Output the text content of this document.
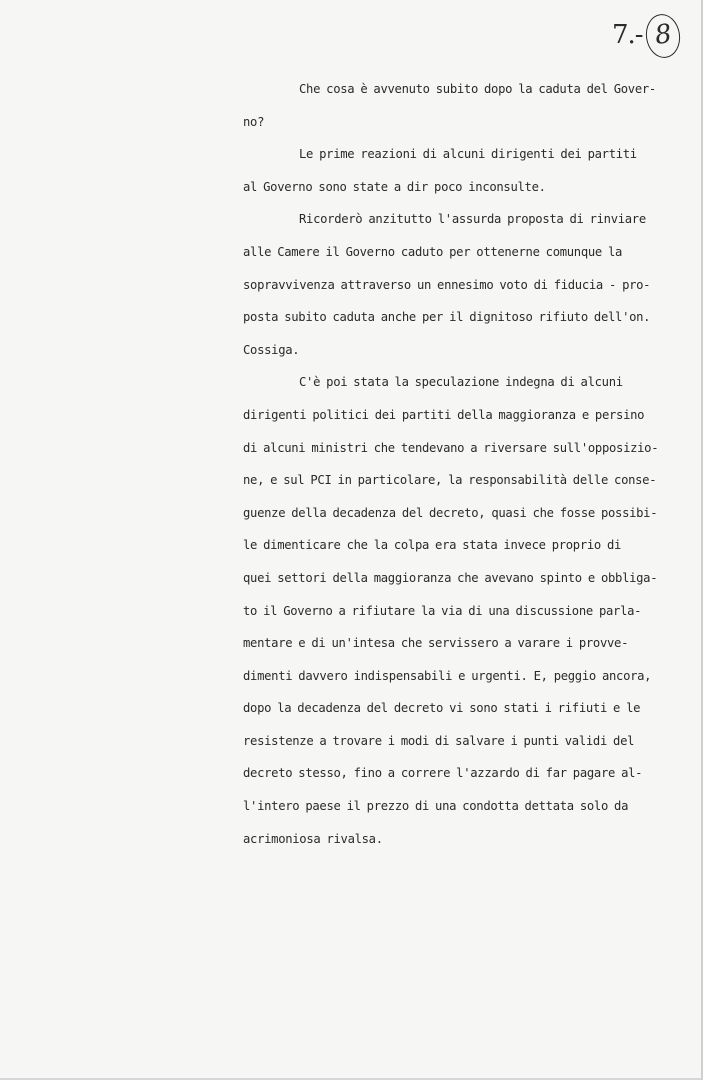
7.- 8
Che cosa è avvenuto subito dopo la caduta del Gover-
no?
Le prime reazioni di alcuni dirigenti dei partiti
al Governo sono state a dir poco inconsulte.
Ricorderò anzitutto l'assurda proposta di rinviare
alle Camere il Governo caduto per ottenerne comunque la
sopravvivenza attraverso un ennesimo voto di fiducia - pro-
posta subito caduta anche per il dignitoso rifiuto dell'on.
Cossiga.
C'è poi stata la speculazione indegna di alcuni
dirigenti politici dei partiti della maggioranza e persino
di alcuni ministri che tendevano a riversare sull'opposizio-
ne, e sul PCI in particolare, la responsabilità delle conse-
guenze della decadenza del decreto, quasi che fosse possibi-
le dimenticare che la colpa era stata invece proprio di
quei settori della maggioranza che avevano spinto e obbliga-
to il Governo a rifiutare la via di una discussione parla-
mentare e di un'intesa che servissero a varare i provve-
dimenti davvero indispensabili e urgenti. E, peggio ancora,
dopo la decadenza del decreto vi sono stati i rifiuti e le
resistenze a trovare i modi di salvare i punti validi del
decreto stesso, fino a correre l'azzardo di far pagare al-
l'intero paese il prezzo di una condotta dettata solo da
acrimoniosa rivalsa.
